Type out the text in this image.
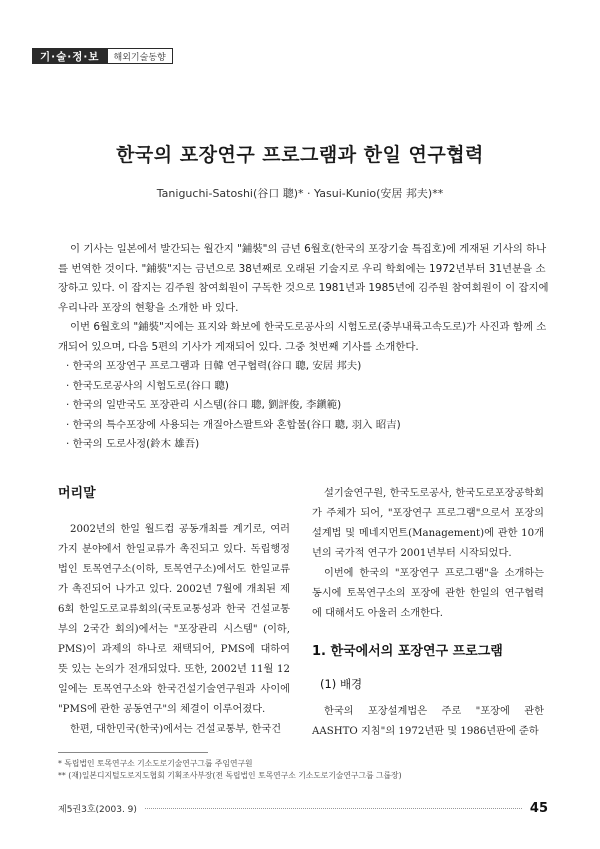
기·술·정·보	해외기술동향
한국의 포장연구 프로그램과 한일 연구협력
Taniguchi-Satoshi(谷口 聰)* · Yasui-Kunio(安居 邦夫)**

이 기사는 일본에서 발간되는 월간지 "鋪裝"의 금년 6월호(한국의 포장기술 특집호)에 게재된 기사의 하나를 번역한 것이다. "鋪裝"지는 금년으로 38년째로 오래된 기술지로 우리 학회에는 1972년부터 31년분을 소장하고 있다. 이 잡지는 김주원 참여회원이 구독한 것으로 1981년과 1985년에 김주원 참여회원이 이 잡지에 우리나라 포장의 현황을 소개한 바 있다.

이번 6월호의 "鋪裝"지에는 표지와 화보에 한국도로공사의 시험도로(중부내륙고속도로)가 사진과 함께 소개되어 있으며, 다음 5편의 기사가 게재되어 있다. 그중 첫번째 기사를 소개한다.

· 한국의 포장연구 프로그램과 日韓 연구협력(谷口 聰, 安居 邦夫)
· 한국도로공사의 시험도로(谷口 聰)
· 한국의 일반국도 포장관리 시스템(谷口 聰, 劉評俊, 李鎭範)
· 한국의 특수포장에 사용되는 개질아스팔트와 혼합물(谷口 聰, 羽入 昭吉)
· 한국의 도로사정(鈴木 雄吾)
머리말

2002년의 한일 월드컵 공동개최를 계기로, 여러 가지 분야에서 한일교류가 촉진되고 있다. 독립행정법인 토목연구소(이하, 토목연구소)에서도 한일교류가 촉진되어 나가고 있다. 2002년 7월에 개최된 제6회 한일도로교류회의(국토교통성과 한국 건설교통부의 2국간 회의)에서는 "포장관리 시스템" (이하, PMS)이 과제의 하나로 채택되어, PMS에 대하여 뜻 있는 논의가 전개되었다. 또한, 2002년 11월 12일에는 토목연구소와 한국건설기술연구원과 사이에 "PMS에 관한 공동연구"의 체결이 이루어졌다.

한편, 대한민국(한국)에서는 건설교통부, 한국건

설기술연구원, 한국도로공사, 한국도로포장공학회가 주체가 되어, "포장연구 프로그램"으로서 포장의 설계법 및 메네지먼트(Management)에 관한 10개년의 국가적 연구가 2001년부터 시작되었다.

이번에 한국의 "포장연구 프로그램"을 소개하는 동시에 토목연구소의 포장에 관한 한일의 연구협력에 대해서도 아울러 소개한다.

1. 한국에서의 포장연구 프로그램
(1) 배경

한국의 포장설계법은 주로 "포장에 관한 AASHTO 지침"의 1972년판 및 1986년판에 준하

* 독립법인 토목연구소 기소도로기술연구그룹 주임연구원
** (재)일본디지털도로지도협회 기획조사부장(전 독립법인 토목연구소 기소도로기술연구그룹 그룹장)
제5권3호(2003. 9)	45
